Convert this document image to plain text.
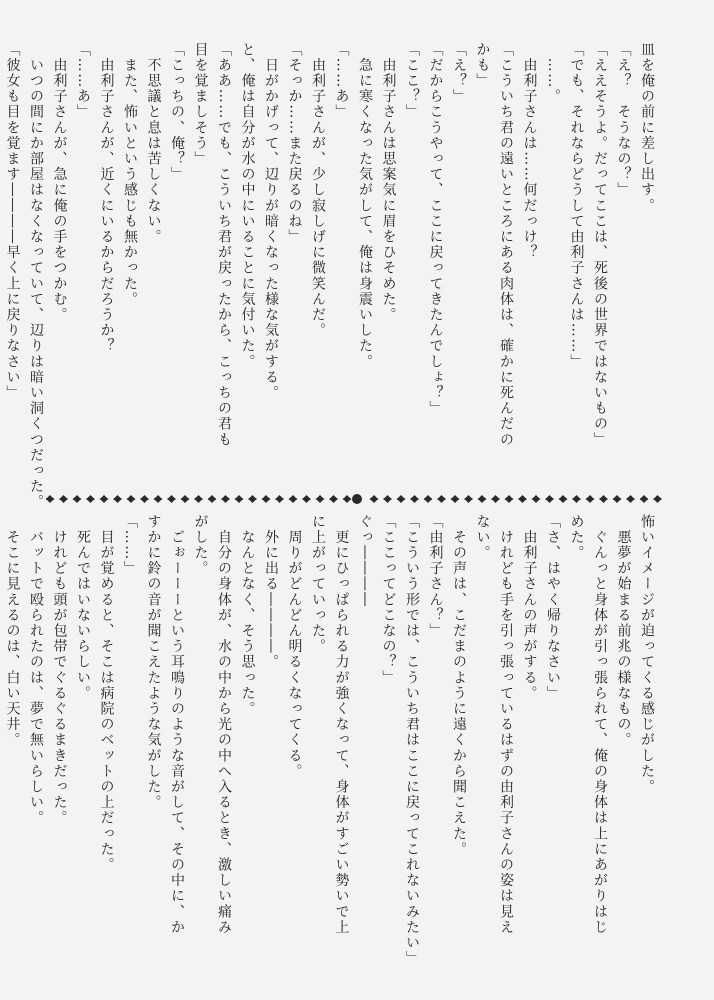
皿を俺の前に差し出す。

「え？　そうなの？」

「ええそうよ。だってここは、死後の世界ではないもの」

「でも、それならどうして由利子さんは……」

　……。

　由利子さんは……何だっけ？

「こういち君の遠いところにある肉体は、確かに死んだの

かも」

「え？」

「だからこうやって、ここに戻ってきたんでしょ？」

「ここ？」

　由利子さんは思案気に眉をひそめた。

　急に寒くなった気がして、俺は身震いした。

「……あ」

　由利子さんが、少し寂しげに微笑んだ。

「そっか……また戻るのね」

　日がかげって、辺りが暗くなった様な気がする。

と、俺は自分が水の中にいることに気付いた。

「ああ……でも、こういち君が戻ったから、こっちの君も

目を覚ましそう」

「こっちの、俺？」

　不思議と息は苦しくない。

　また、怖いという感じも無かった。

　由利子さんが、近くにいるからだろうか？

「……あ」

　由利子さんが、急に俺の手をつかむ。

　いつの間にか部屋はなくなっていて、辺りは暗い洞くつだった。

「彼女も目を覚ます――――早く上に戻りなさい」

怖いイメージが迫ってくる感じがした。

　悪夢が始まる前兆の様なもの。

　ぐんっと身体が引っ張られて、俺の身体は上にあがりはじ

めた。

「さ、はやく帰りなさい」

　由利子さんの声がする。

　けれども手を引っ張っているはずの由利子さんの姿は見え

ない。

　その声は、こだまのように遠くから聞こえた。

「由利子さん？」

「こういう形では、こういち君はここに戻ってこれないみたい」

「ここってどこなの？」

ぐっ――――

　更にひっぱられる力が強くなって、身体がすごい勢いで上

に上がっていった。

　周りがどんどん明るくなってくる。

　外に出る――――。

　なんとなく、そう思った。

　自分の身体が、水の中から光の中へ入るとき、激しい痛み

がした。

　ごぉーーーという耳鳴りのような音がして、その中に、か

すかに鈴の音が聞こえたような気がした。

「……」

　目が覚めると、そこは病院のベットの上だった。

　死んではいないらしい。

　けれども頭が包帯でぐるぐるまきだった。

　バットで殴られたのは、夢で無いらしい。

　そこに見えるのは、白い天井。
